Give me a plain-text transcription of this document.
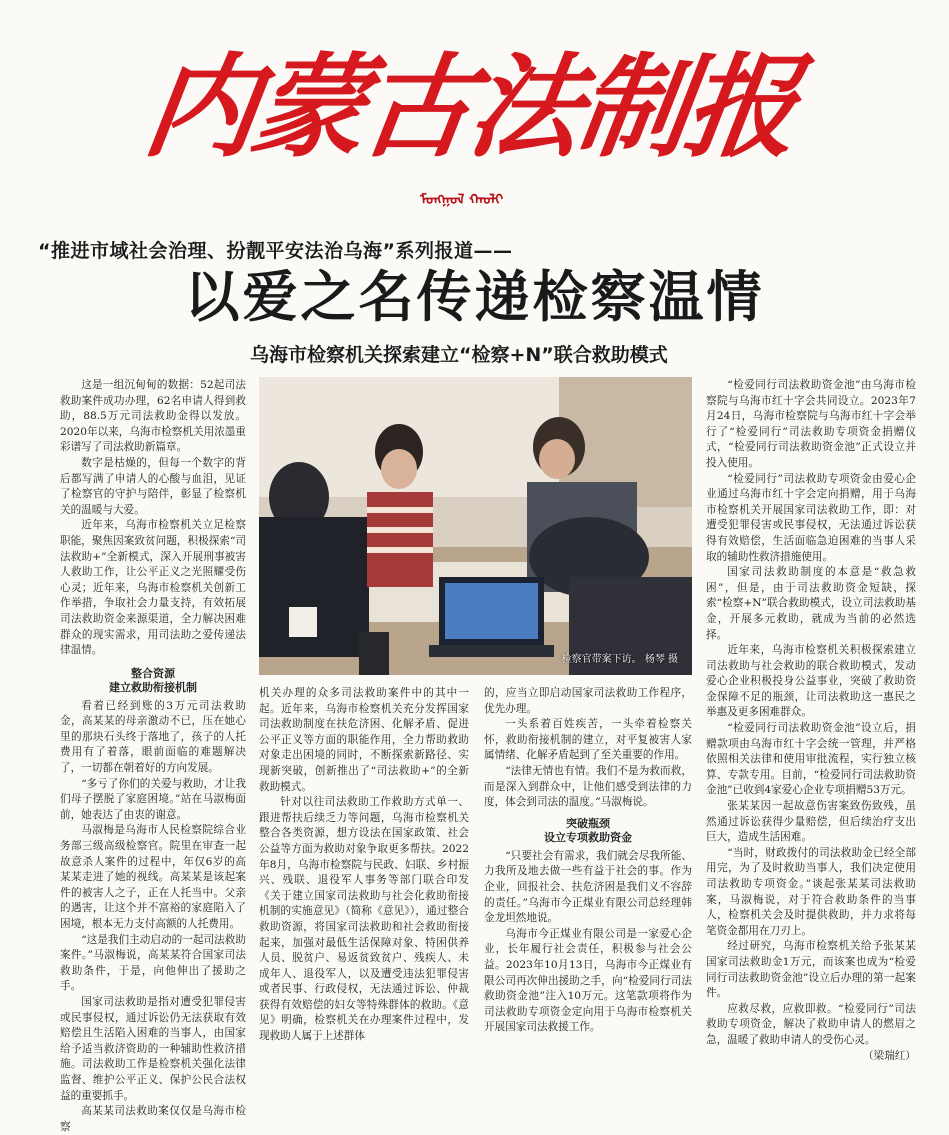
内蒙古法制报
ᠮᠣᠩᠭᠣᠯ ᠬᠠᠤᠯᠢ
“推进市域社会治理、扮靓平安法治乌海”系列报道——
以爱之名传递检察温情
乌海市检察机关探索建立“检察+N”联合救助模式

这是一组沉甸甸的数据：52起司法救助案件成功办理，62名申请人得到救助，88.5万元司法救助金得以发放。2020年以来，乌海市检察机关用浓墨重彩谱写了司法救助新篇章。

数字是枯燥的，但每一个数字的背后都写满了申请人的心酸与血泪，见证了检察官的守护与陪伴，彰显了检察机关的温暖与大爱。

近年来，乌海市检察机关立足检察职能，聚焦因案致贫问题，积极探索“司法救助+”全新模式，深入开展刑事被害人救助工作，让公平正义之光照耀受伤心灵；近年来，乌海市检察机关创新工作举措，争取社会力量支持，有效拓展司法救助资金来源渠道，全力解决困难群众的现实需求，用司法助之爱传递法律温情。

整合资源
建立救助衔接机制

看着已经到账的3万元司法救助金，高某某的母亲激动不已，压在她心里的那块石头终于落地了，孩子的人托费用有了着落，眼前面临的难题解决了，一切都在朝着好的方向发展。

“多亏了你们的关爱与救助，才让我们母子摆脱了家庭困境。”站在马淑梅面前，她表达了由衷的谢意。

马淑梅是乌海市人民检察院综合业务部三级高级检察官。院里在审查一起故意杀人案件的过程中，年仅6岁的高某某走进了她的视线。高某某是该起案件的被害人之子，正在人托当中。父亲的遇害，让这个并不富裕的家庭陷入了困境，根本无力支付高额的人托费用。

“这是我们主动启动的一起司法救助案件。”马淑梅说，高某某符合国家司法救助条件，于是，向他伸出了援助之手。

国家司法救助是指对遭受犯罪侵害或民事侵权，通过诉讼仍无法获取有效赔偿且生活陷入困难的当事人，由国家给予适当救济资助的一种辅助性救济措施。司法救助工作是检察机关强化法律监督、维护公平正义、保护公民合法权益的重要抓手。

高某某司法救助案仅仅是乌海市检察

检察官带案下访。 杨琴 摄

机关办理的众多司法救助案件中的其中一起。近年来，乌海市检察机关充分发挥国家司法救助制度在扶危济困、化解矛盾、促进公平正义等方面的职能作用，全力帮助救助对象走出困境的同时，不断探索新路径、实现新突破，创新推出了“司法救助+”的全新救助模式。

针对以往司法救助工作救助方式单一、跟进帮扶后续乏力等问题，乌海市检察机关整合各类资源，想方设法在国家政策、社会公益等方面为救助对象争取更多帮扶。2022年8月，乌海市检察院与民政、妇联、乡村振兴、残联、退役军人事务等部门联合印发《关于建立国家司法救助与社会化救助衔接机制的实施意见》（简称《意见》），通过整合救助资源，将国家司法救助和社会救助衔接起来，加强对最低生活保障对象、特困供养人员、脱贫户、易返贫致贫户、残疾人、未成年人、退役军人，以及遭受违法犯罪侵害或者民事、行政侵权，无法通过诉讼、仲裁获得有效赔偿的妇女等特殊群体的救助。《意见》明确，检察机关在办理案件过程中，发现救助人属于上述群体

的，应当立即启动国家司法救助工作程序，优先办理。

一头系着百姓疾苦，一头牵着检察关怀，救助衔接机制的建立，对平复被害人家属情绪、化解矛盾起到了至关重要的作用。

“法律无情也有情。我们不是为救而救，而是深入到群众中，让他们感受到法律的力度，体会到司法的温度。”马淑梅说。

突破瓶颈
设立专项救助资金

“只要社会有需求，我们就会尽我所能、力我所及地去做一些有益于社会的事。作为企业，回报社会、扶危济困是我们义不容辞的责任。”乌海市今正煤业有限公司总经理韩金龙坦然地说。

乌海市今正煤业有限公司是一家爱心企业，长年履行社会责任，积极参与社会公益。2023年10月13日，乌海市今正煤业有限公司再次伸出援助之手，向“检爱同行司法救助资金池”注入10万元。这笔款项将作为司法救助专项资金定向用于乌海市检察机关开展国家司法救援工作。

“检爱同行司法救助资金池”由乌海市检察院与乌海市红十字会共同设立。2023年7月24日，乌海市检察院与乌海市红十字会举行了“检爱同行”司法救助专项资金捐赠仪式，“检爱同行司法救助资金池”正式设立并投入使用。

“检爱同行”司法救助专项资金由爱心企业通过乌海市红十字会定向捐赠，用于乌海市检察机关开展国家司法救助工作，即：对遭受犯罪侵害或民事侵权，无法通过诉讼获得有效赔偿，生活面临急迫困难的当事人采取的辅助性救济措施使用。

国家司法救助制度的本意是“救急救困”，但是，由于司法救助资金短缺，探索“检察+N”联合救助模式，设立司法救助基金，开展多元救助，就成为当前的必然选择。

近年来，乌海市检察机关积极探索建立司法救助与社会救助的联合救助模式，发动爱心企业积极投身公益事业，突破了救助资金保障不足的瓶颈，让司法救助这一惠民之举惠及更多困难群众。

“检爱同行司法救助资金池”设立后，捐赠款项由乌海市红十字会统一管理，并严格依照相关法律和使用审批流程，实行独立核算、专款专用。目前，“检爱同行司法救助资金池”已收到4家爱心企业专项捐赠53万元。

张某某因一起故意伤害案致伤致残，虽然通过诉讼获得少量赔偿，但后续治疗支出巨大，造成生活困难。

“当时，财政拨付的司法救助金已经全部用完，为了及时救助当事人，我们决定使用司法救助专项资金。”谈起张某某司法救助案，马淑梅说，对于符合救助条件的当事人，检察机关会及时提供救助，并力求将每笔资金都用在刀刃上。

经过研究，乌海市检察机关给予张某某国家司法救助金1万元，而该案也成为“检爱同行司法救助资金池”设立后办理的第一起案件。

应救尽救，应救即救。“检爱同行”司法救助专项资金，解决了救助申请人的燃眉之急，温暖了救助申请人的受伤心灵。

（梁瑞红）
